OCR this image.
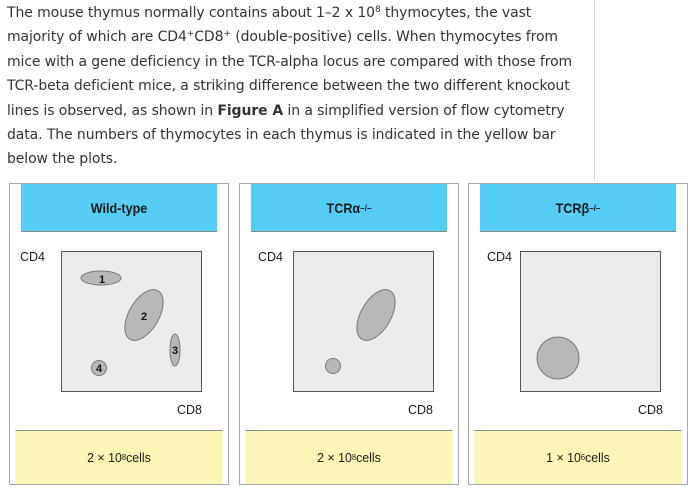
The mouse thymus normally contains about 1–2 x $10^8$ thymocytes, the vast majority of which are CD4+CD8+ (double-positive) cells. When thymocytes from mice with a gene deficiency in the TCR-alpha locus are compared with those from TCR-beta deficient mice, a striking difference between the two different knockout lines is observed, as shown in Figure A in a simplified version of flow cytometry data. The numbers of thymocytes in each thymus is indicated in the yellow bar below the plots.
Wild-type
CD4
1
2
3
4
CD8
2 × 10 8 cells
TCRα –/–
CD4
CD8
2 × 10 8 cells
TCRβ –/–
CD4
CD8
1 × 10 6 cells
